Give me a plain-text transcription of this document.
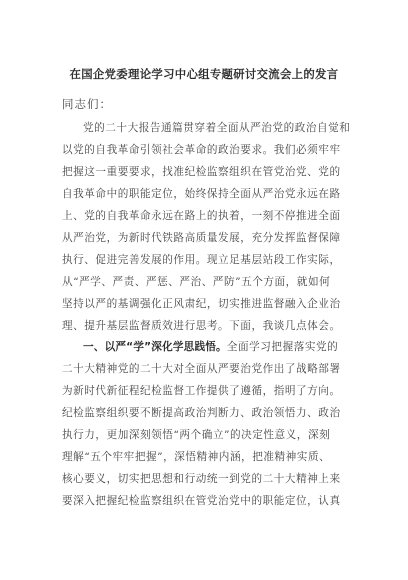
在国企党委理论学习中心组专题研讨交流会上的发言
同志们：
党的二十大报告通篇贯穿着全面从严治党的政治自觉和
以党的自我革命引领社会革命的政治要求。我们必须牢牢
把握这一重要要求，找准纪检监察组织在管党治党、党的
自我革命中的职能定位，始终保持全面从严治党永远在路
上、党的自我革命永远在路上的执着，一刻不停推进全面
从严治党，为新时代铁路高质量发展，充分发挥监督保障
执行、促进完善发展的作用。现立足基层站段工作实际，
从“严学、严责、严惩、严治、严防”五个方面，就如何
坚持以严的基调强化正风肃纪，切实推进监督融入企业治
理、提升基层监督质效进行思考。下面，我谈几点体会。
一、以严“学”深化学思践悟。全面学习把握落实党的
二十大精神党的二十大对全面从严要治党作出了战略部署
为新时代新征程纪检监督工作提供了遵循，指明了方向。
纪检监察组织要不断提高政治判断力、政治领悟力、政治
执行力，更加深刻领悟“两个确立”的决定性意义，深刻
理解“五个牢牢把握”，深悟精神内涵，把准精神实质、
核心要义，切实把思想和行动统一到党的二十大精神上来
要深入把握纪检监察组织在管党治党中的职能定位，认真
